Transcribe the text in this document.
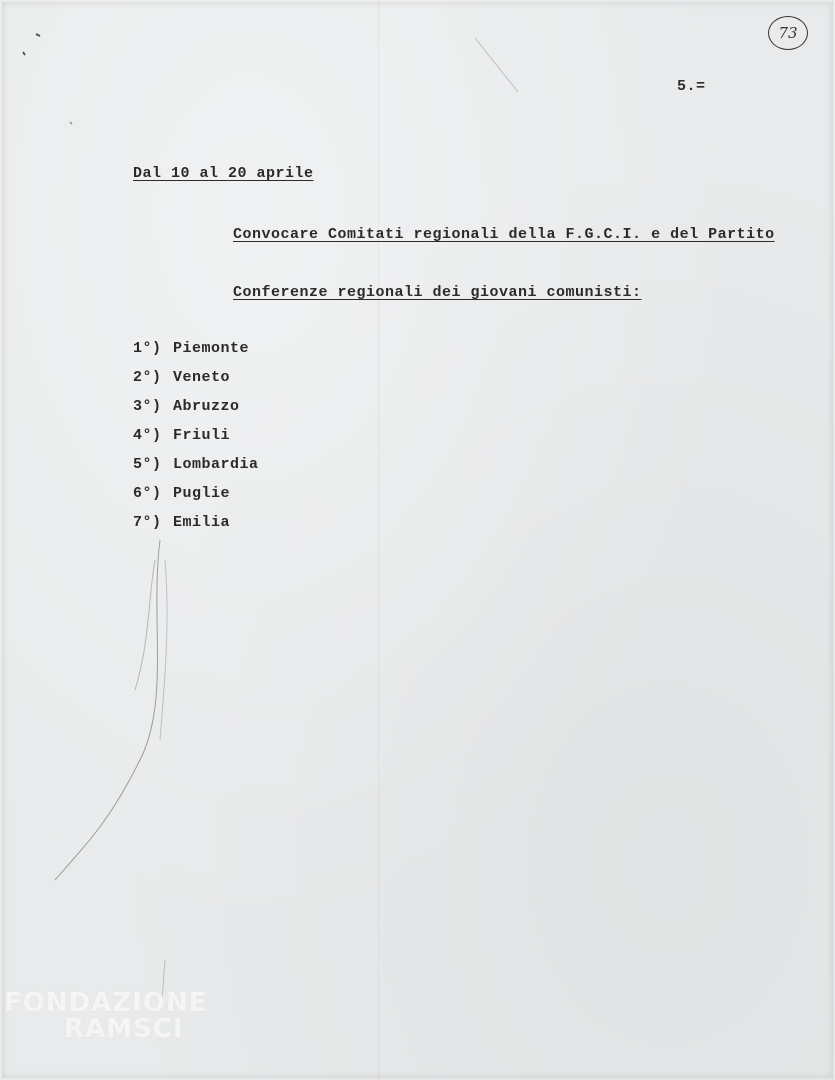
73
5.=
Dal 10 al 20 aprile
Convocare Comitati regionali della F.G.C.I. e del Partito
Conferenze regionali dei giovani comunisti:
1°) Piemonte
2°) Veneto
3°) Abruzzo
4°) Friuli
5°) Lombardia
6°) Puglie
7°) Emilia
FONDAZIONE
RAMSCI
